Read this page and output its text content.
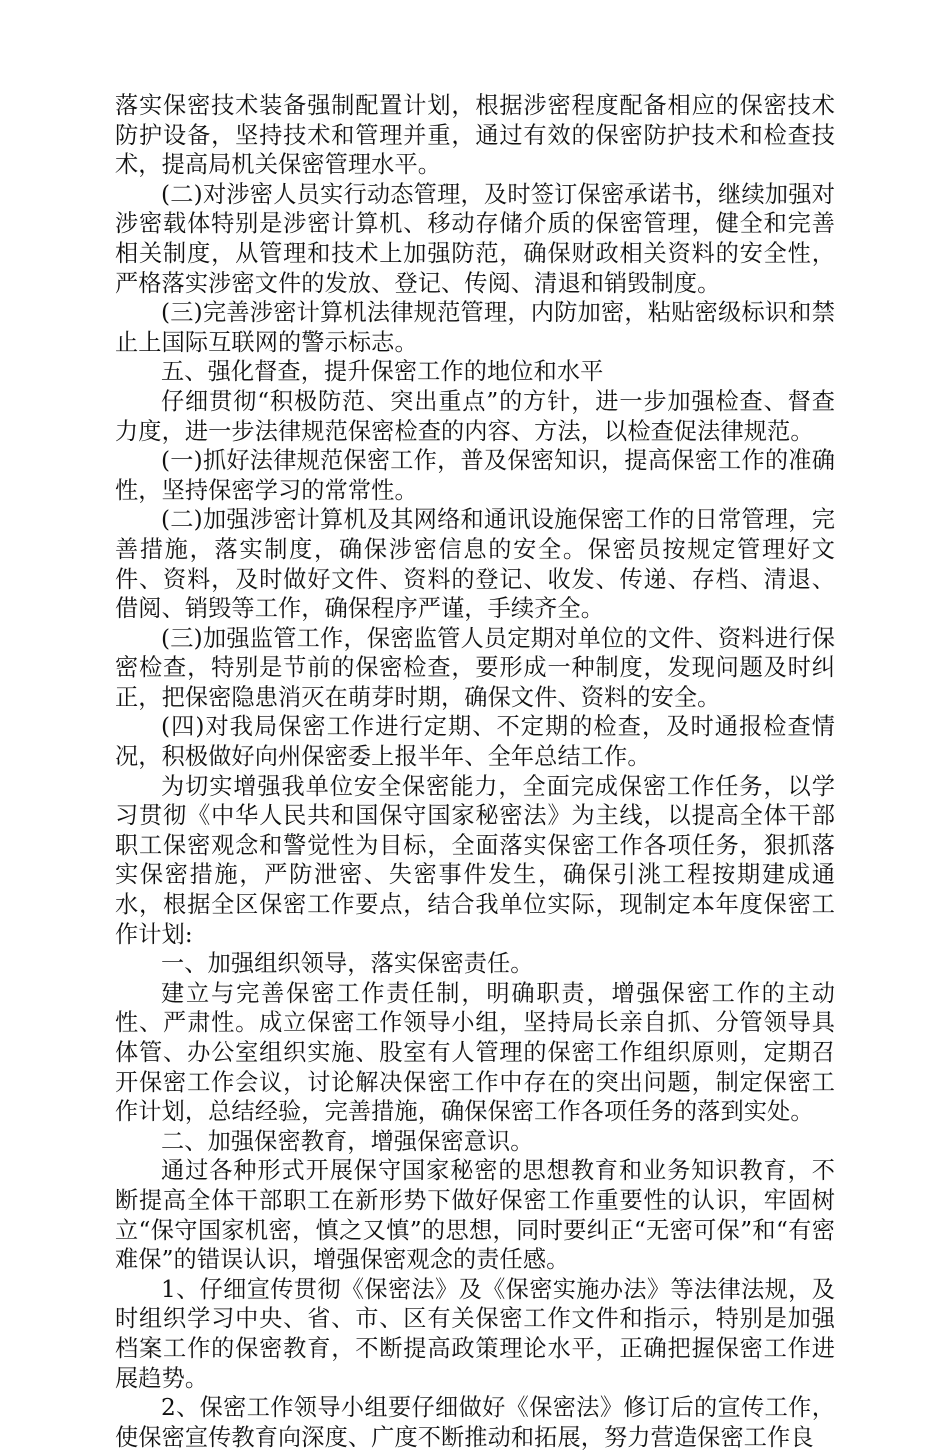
落实保密技术装备强制配置计划，根据涉密程度配备相应的保密技术防护设备，坚持技术和管理并重，通过有效的保密防护技术和检查技术，提高局机关保密管理水平。

(二)对涉密人员实行动态管理，及时签订保密承诺书，继续加强对涉密载体特别是涉密计算机、移动存储介质的保密管理，健全和完善相关制度，从管理和技术上加强防范，确保财政相关资料的安全性，严格落实涉密文件的发放、登记、传阅、清退和销毁制度。

(三)完善涉密计算机法律规范管理，内防加密，粘贴密级标识和禁止上国际互联网的警示标志。

五、强化督查，提升保密工作的地位和水平

仔细贯彻“积极防范、突出重点”的方针，进一步加强检查、督查力度，进一步法律规范保密检查的内容、方法，以检查促法律规范。

(一)抓好法律规范保密工作，普及保密知识，提高保密工作的准确性，坚持保密学习的常常性。

(二)加强涉密计算机及其网络和通讯设施保密工作的日常管理，完善措施，落实制度，确保涉密信息的安全。保密员按规定管理好文件、资料，及时做好文件、资料的登记、收发、传递、存档、清退、借阅、销毁等工作，确保程序严谨，手续齐全。

(三)加强监管工作，保密监管人员定期对单位的文件、资料进行保密检查，特别是节前的保密检查，要形成一种制度，发现问题及时纠正，把保密隐患消灭在萌芽时期，确保文件、资料的安全。

(四)对我局保密工作进行定期、不定期的检查，及时通报检查情况，积极做好向州保密委上报半年、全年总结工作。

为切实增强我单位安全保密能力，全面完成保密工作任务，以学习贯彻《中华人民共和国保守国家秘密法》为主线，以提高全体干部职工保密观念和警觉性为目标，全面落实保密工作各项任务，狠抓落实保密措施，严防泄密、失密事件发生，确保引洮工程按期建成通水，根据全区保密工作要点，结合我单位实际，现制定本年度保密工作计划:

一、加强组织领导，落实保密责任。

建立与完善保密工作责任制，明确职责，增强保密工作的主动性、严肃性。成立保密工作领导小组，坚持局长亲自抓、分管领导具体管、办公室组织实施、股室有人管理的保密工作组织原则，定期召开保密工作会议，讨论解决保密工作中存在的突出问题，制定保密工作计划，总结经验，完善措施，确保保密工作各项任务的落到实处。

二、加强保密教育，增强保密意识。

通过各种形式开展保守国家秘密的思想教育和业务知识教育，不断提高全体干部职工在新形势下做好保密工作重要性的认识，牢固树立“保守国家机密，慎之又慎”的思想，同时要纠正“无密可保”和“有密难保”的错误认识，增强保密观念的责任感。

1、仔细宣传贯彻《保密法》及《保密实施办法》等法律法规，及时组织学习中央、省、市、区有关保密工作文件和指示，特别是加强档案工作的保密教育，不断提高政策理论水平，正确把握保密工作进展趋势。

2、保密工作领导小组要仔细做好《保密法》修订后的宣传工作，使保密宣传教育向深度、广度不断推动和拓展，努力营造保密工作良
